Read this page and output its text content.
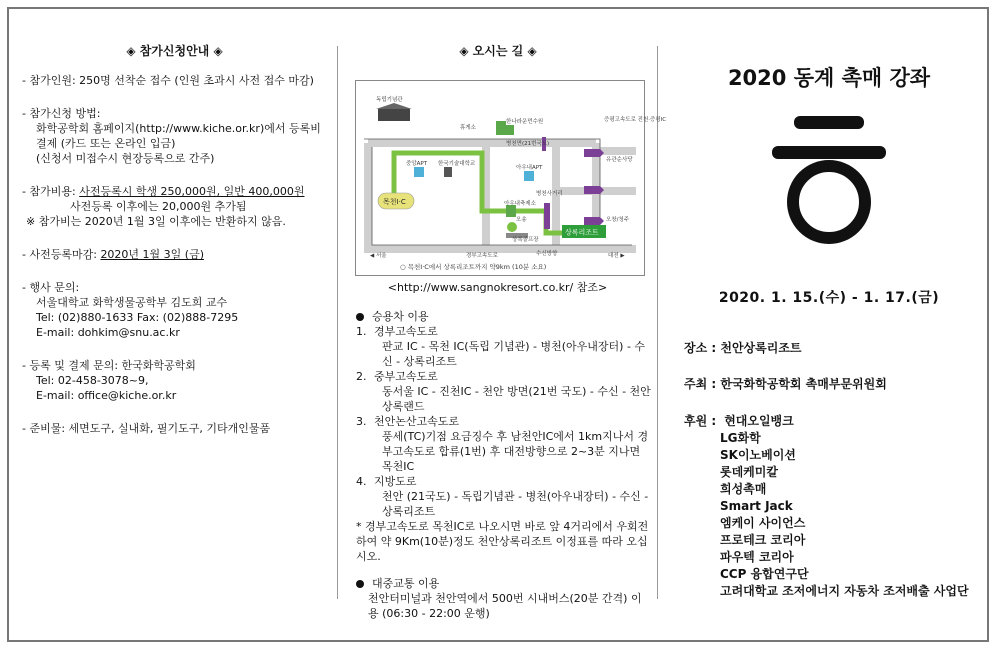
◈ 참가신청안내 ◈
- 참가인원: 250명 선착순 접수 (인원 초과시 사전 접수 마감)
- 참가신청 방법:
화학공학회 홈페이지(http://www.kiche.or.kr)에서 등록비
결제 (카드 또는 온라인 입금)
(신청서 미접수시 현장등록으로 간주)
- 참가비용: 사전등록시 학생 250,000원, 일반 400,000원
사전등록 이후에는 20,000원 추가됨
※ 참가비는 2020년 1월 3일 이후에는 반환하지 않음.
- 사전등록마감: 2020년 1월 3일 (금)
- 행사 문의:
서울대학교 화학생물공학부 김도희 교수
Tel: (02)880-1633 Fax: (02)888-7295
E-mail: dohkim@snu.ac.kr
- 등록 및 결제 문의: 한국화학공학회
Tel: 02-458-3078~9,
E-mail: office@kiche.or.kr
- 준비물: 세면도구, 실내화, 필기도구, 기타개인물품
◈ 오시는 길 ◈
독립기념관
휴게소
한나라운먼수원
병천면(21번국도)
중앙APT 한국기술대학교
아우내APT
증평고속도로 진천·증평IC
유관순사당
병천사거리
아우내축제소
오송
상록골프장
수신방향
오창/청주
◀ 서울	경부고속도로	대전 ▶
목천I·C
상록리조트
○ 목천I·C에서 상록리조트까지 약9km (10분 소요)
<http://www.sangnokresort.co.kr/ 참조>
승용차 이용
1. 경부고속도로
판교 IC - 목천 IC(독립 기념관) - 병천(아우내장터) - 수신 - 상록리조트
2. 중부고속도로
동서울 IC - 진천IC - 천안 방면(21번 국도) - 수신 - 천안상록랜드
3. 천안논산고속도로
풍세(TC)기점 요금징수 후 남천안IC에서 1km지나서 경부고속도로 합류(1번) 후 대전방향으로 2~3분 지나면 목천IC
4. 지방도로
천안 (21국도) - 독립기념관 - 병천(아우내장터) - 수신 - 상록리조트
* 경부고속도로 목천IC로 나오시면 바로 앞 4거리에서 우회전하여 약 9Km(10분)정도 천안상록리조트 이정표를 따라 오십시오.
대중교통 이용
천안터미널과 천안역에서 500번 시내버스(20분 간격) 이용 (06:30 - 22:00 운행)
2020 동계 촉매 강좌
2020. 1. 15.(수) - 1. 17.(금)
장소 : 천안상록리조트
주최 : 한국화학공학회 촉매부문위원회
후원 : 현대오일뱅크
LG화학
SK이노베이션
롯데케미칼
희성촉매
Smart Jack
엠케이 사이언스
프로테크 코리아
파우텍 코리아
CCP 융합연구단
고려대학교 조저에너지 자동차 조저배출 사업단
